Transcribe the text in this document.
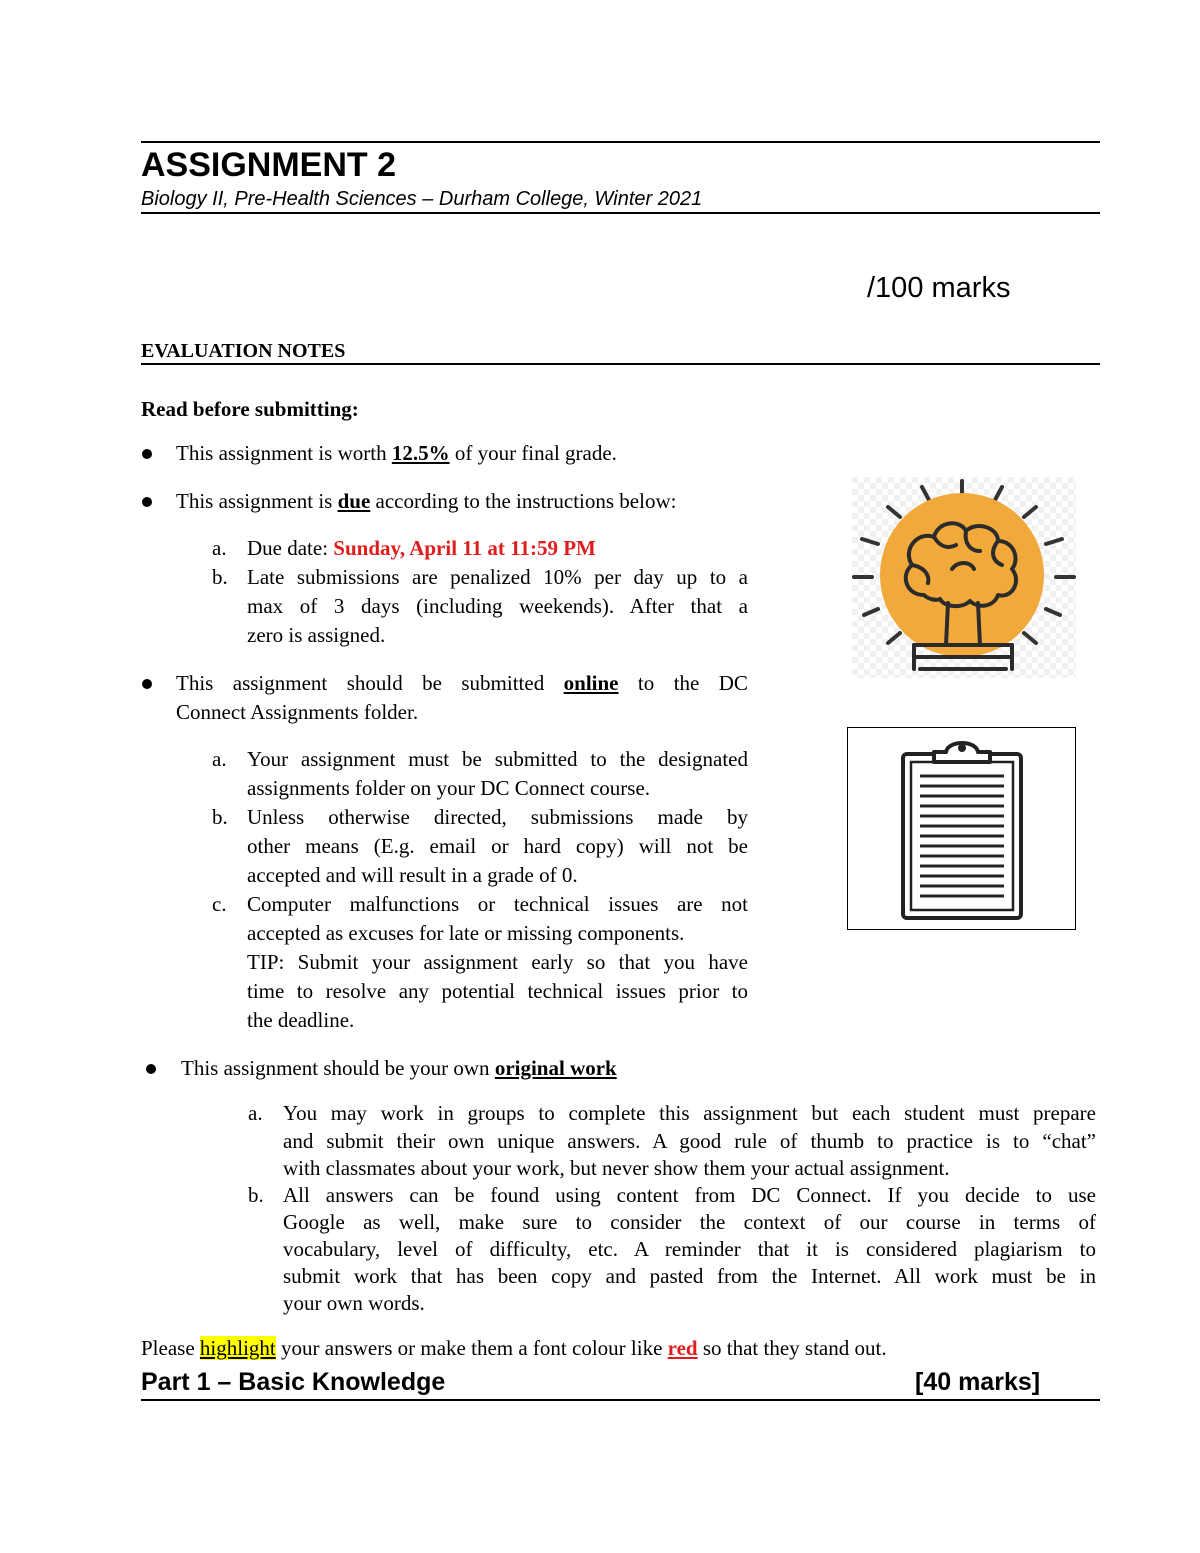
ASSIGNMENT 2
Biology II, Pre-Health Sciences – Durham College, Winter 2021
/100 marks
EVALUATION NOTES
Read before submitting:
This assignment is worth 12.5% of your final grade.
This assignment is due according to the instructions below:
a. Due date: Sunday, April 11 at 11:59 PM
b. Late submissions are penalized 10% per day up to a
max of 3 days (including weekends). After that a
zero is assigned.
This assignment should be submitted online to the DC
Connect Assignments folder.
a. Your assignment must be submitted to the designated
assignments folder on your DC Connect course.
b. Unless otherwise directed, submissions made by
other means (E.g. email or hard copy) will not be
accepted and will result in a grade of 0.
c. Computer malfunctions or technical issues are not
accepted as excuses for late or missing components.
TIP: Submit your assignment early so that you have
time to resolve any potential technical issues prior to
the deadline.
This assignment should be your own original work
a. You may work in groups to complete this assignment but each student must prepare
and submit their own unique answers. A good rule of thumb to practice is to “chat”
with classmates about your work, but never show them your actual assignment.
b. All answers can be found using content from DC Connect. If you decide to use
Google as well, make sure to consider the context of our course in terms of
vocabulary, level of difficulty, etc. A reminder that it is considered plagiarism to
submit work that has been copy and pasted from the Internet. All work must be in
your own words.
Please highlight your answers or make them a font colour like red so that they stand out.
Part 1 – Basic Knowledge	[40 marks]
